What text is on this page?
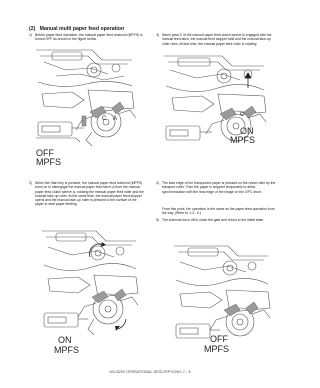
(2) Manual multi paper feed operation
1) Before paper feed operation, the manual paper feed solenoid (MPFS) is turned OFF as shown in the figure below.
3) When pawl C of the manual paper feed clutch sleeve is engaged with the manual feed latch, the manual feed stopper falls and the manual take-up roller rises. At that time, the manual paper feed roller is rotating.
C A
OFF
MPFS
C
ON
MPFS
2) When the Start key is pressed, the manual paper feed solenoid (MPFS) turns on to disengage the manual paper feed latch. A from the manual paper feed clutch sleeve is, rotating the manual paper feed roller and the manual take-up roller. At the same time, the manual paper feed stopper opens and the manual take-up roller is pressed to the surface of the paper to start paper feeding.
4) The lead edge of the transported paper is pressed on the resist roller by the transport roller. Then the paper is stopped temporarily to allow synchronization with the lead edge of the image on the OPC drum.
From this point, the operation is the same as the paper feed operation from the tray. (Refer to 1-3 - 6.)
5) The solenoid turns off to close the gate and return to the initial state.
ON
MPFS
OFF
MPFS
MX-B200 OPERATIONAL DESCRIPTIONS 7 - 6
